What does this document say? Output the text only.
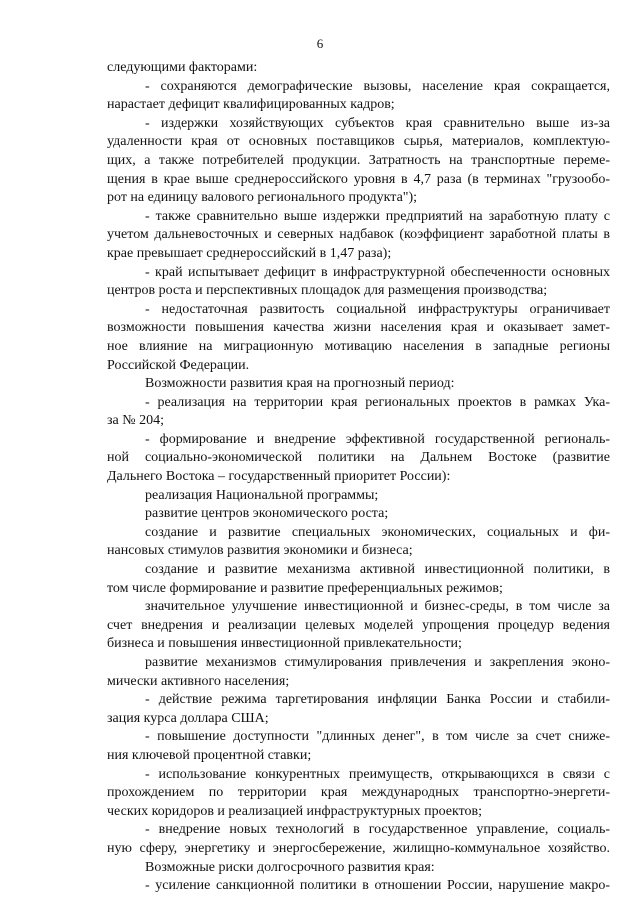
6
следующими факторами:
- сохраняются демографические вызовы, население края сокращается,
нарастает дефицит квалифицированных кадров;
- издержки хозяйствующих субъектов края сравнительно выше из-за
удаленности края от основных поставщиков сырья, материалов, комплектую-
щих, а также потребителей продукции. Затратность на транспортные переме-
щения в крае выше среднероссийского уровня в 4,7 раза (в терминах "грузообо-
рот на единицу валового регионального продукта");
- также сравнительно выше издержки предприятий на заработную плату с
учетом дальневосточных и северных надбавок (коэффициент заработной платы в
крае превышает среднероссийский в 1,47 раза);
- край испытывает дефицит в инфраструктурной обеспеченности основных
центров роста и перспективных площадок для размещения производства;
- недостаточная развитость социальной инфраструктуры ограничивает
возможности повышения качества жизни населения края и оказывает замет-
ное влияние на миграционную мотивацию населения в западные регионы
Российской Федерации.
Возможности развития края на прогнозный период:
- реализация на территории края региональных проектов в рамках Ука-
за № 204;
- формирование и внедрение эффективной государственной региональ-
ной социально-экономической политики на Дальнем Востоке (развитие
Дальнего Востока – государственный приоритет России):
реализация Национальной программы;
развитие центров экономического роста;
создание и развитие специальных экономических, социальных и фи-
нансовых стимулов развития экономики и бизнеса;
создание и развитие механизма активной инвестиционной политики, в
том числе формирование и развитие преференциальных режимов;
значительное улучшение инвестиционной и бизнес-среды, в том числе за
счет внедрения и реализации целевых моделей упрощения процедур ведения
бизнеса и повышения инвестиционной привлекательности;
развитие механизмов стимулирования привлечения и закрепления эконо-
мически активного населения;
- действие режима таргетирования инфляции Банка России и стабили-
зация курса доллара США;
- повышение доступности "длинных денег", в том числе за счет сниже-
ния ключевой процентной ставки;
- использование конкурентных преимуществ, открывающихся в связи с
прохождением по территории края международных транспортно-энергети-
ческих коридоров и реализацией инфраструктурных проектов;
- внедрение новых технологий в государственное управление, социаль-
ную сферу, энергетику и энергосбережение, жилищно-коммунальное хозяйство.
Возможные риски долгосрочного развития края:
- усиление санкционной политики в отношении России, нарушение макро-
